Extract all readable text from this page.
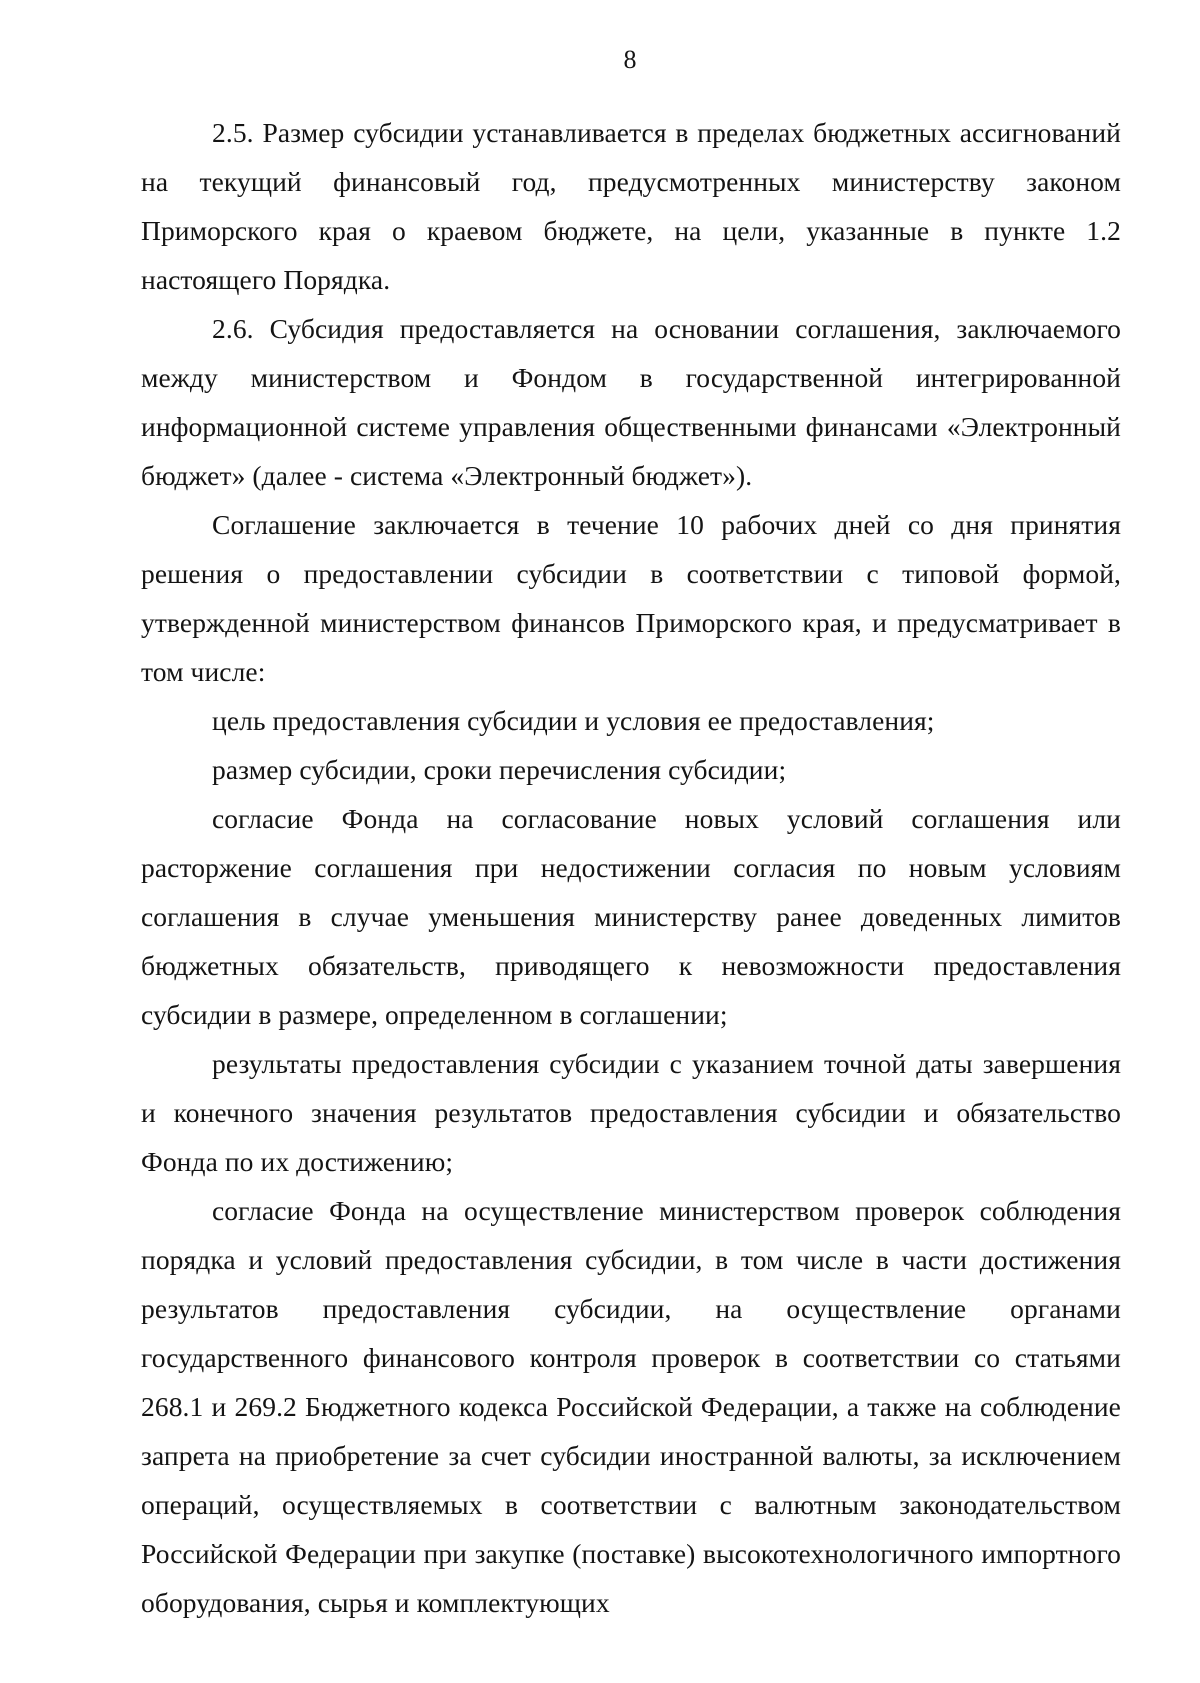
8

2.5. Размер субсидии устанавливается в пределах бюджетных ассигнований на текущий финансовый год, предусмотренных министерству законом Приморского края о краевом бюджете, на цели, указанные в пункте 1.2 настоящего Порядка.

2.6. Субсидия предоставляется на основании соглашения, заключаемого между министерством и Фондом в государственной интегрированной информационной системе управления общественными финансами «Электронный бюджет» (далее - система «Электронный бюджет»).

Соглашение заключается в течение 10 рабочих дней со дня принятия решения о предоставлении субсидии в соответствии с типовой формой, утвержденной министерством финансов Приморского края, и предусматривает в том числе:

цель предоставления субсидии и условия ее предоставления;

размер субсидии, сроки перечисления субсидии;

согласие Фонда на согласование новых условий соглашения или расторжение соглашения при недостижении согласия по новым условиям соглашения в случае уменьшения министерству ранее доведенных лимитов бюджетных обязательств, приводящего к невозможности предоставления субсидии в размере, определенном в соглашении;

результаты предоставления субсидии с указанием точной даты завершения и конечного значения результатов предоставления субсидии и обязательство Фонда по их достижению;

согласие Фонда на осуществление министерством проверок соблюдения порядка и условий предоставления субсидии, в том числе в части достижения результатов предоставления субсидии, на осуществление органами государственного финансового контроля проверок в соответствии со статьями 268.1 и 269.2 Бюджетного кодекса Российской Федерации, а также на соблюдение запрета на приобретение за счет субсидии иностранной валюты, за исключением операций, осуществляемых в соответствии с валютным законодательством Российской Федерации при закупке (поставке) высокотехнологичного импортного оборудования, сырья и комплектующих
